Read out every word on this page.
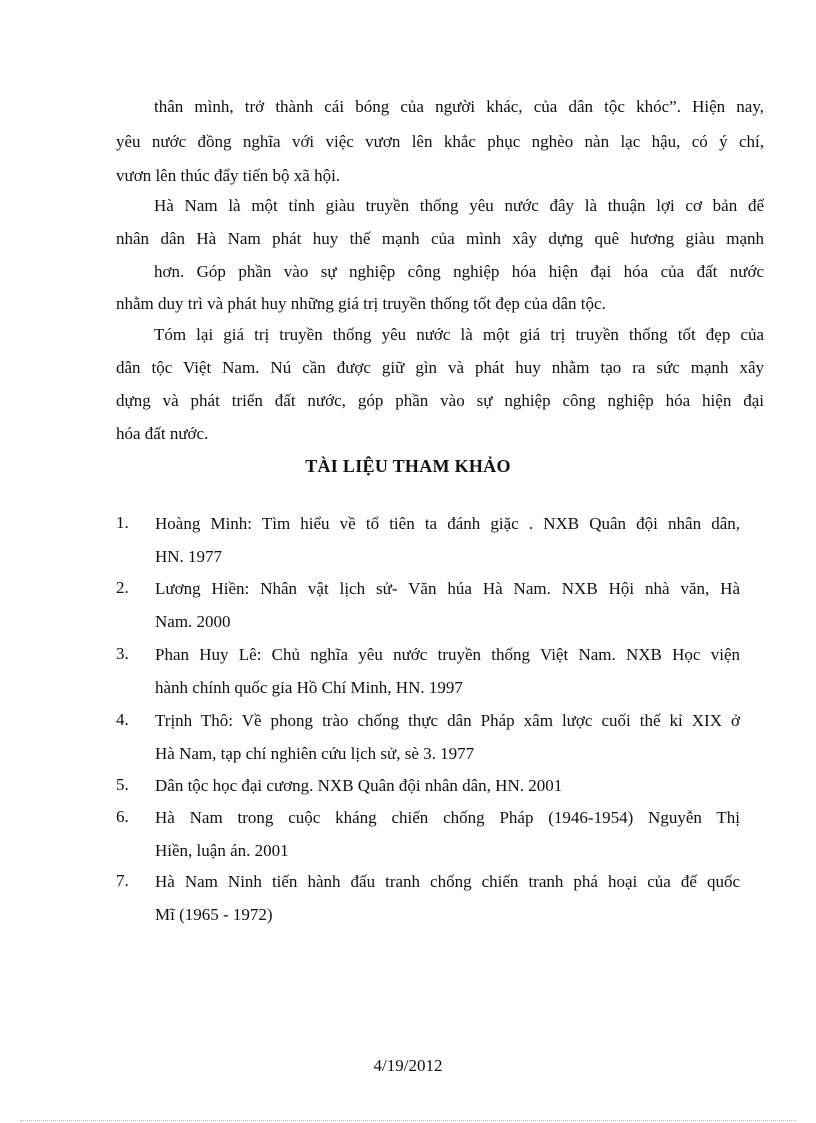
thân mình, trở thành cái bóng của người khác, của dân tộc khóc”. Hiện nay,
yêu nước đồng nghĩa với việc vươn lên khắc phục nghèo nàn lạc hậu, có ý chí,
vươn lên thúc đẩy tiến bộ xã hội.
Hà Nam là một tỉnh giàu truyền thống yêu nước đây là thuận lợi cơ bản để
nhân dân Hà Nam phát huy thế mạnh của mình xây dựng quê hương giàu mạnh
hơn. Góp phần vào sự nghiệp công nghiệp hóa hiện đại hóa của đất nước
nhằm duy trì và phát huy những giá trị truyền thống tốt đẹp của dân tộc.
Tóm lại giá trị truyền thống yêu nước là một giá trị truyền thống tốt đẹp của
dân tộc Việt Nam. Nú cần được giữ gìn và phát huy nhằm tạo ra sức mạnh xây
dựng và phát triển đất nước, góp phần vào sự nghiệp công nghiệp hóa hiện đại
hóa đất nước.
TÀI LIỆU THAM KHẢO
1. Hoàng Minh: Tìm hiểu về tổ tiên ta đánh giặc . NXB Quân đội nhân dân,
HN. 1977
2. Lương Hiền: Nhân vật lịch sử- Văn húa Hà Nam. NXB Hội nhà văn, Hà
Nam. 2000
3. Phan Huy Lê: Chủ nghĩa yêu nước truyền thống Việt Nam. NXB Học viện
hành chính quốc gia Hồ Chí Minh, HN. 1997
4. Trịnh Thô: Về phong trào chống thực dân Pháp xâm lược cuối thế kỉ XIX ở
Hà Nam, tạp chí nghiên cứu lịch sử, sè 3. 1977
5. Dân tộc học đại cương. NXB Quân đội nhân dân, HN. 2001
6. Hà Nam trong cuộc kháng chiến chống Pháp (1946-1954) Nguyễn Thị
Hiền, luận án. 2001
7. Hà Nam Ninh tiến hành đấu tranh chống chiến tranh phá hoại của đế quốc
Mĩ (1965 - 1972)
4/19/2012
